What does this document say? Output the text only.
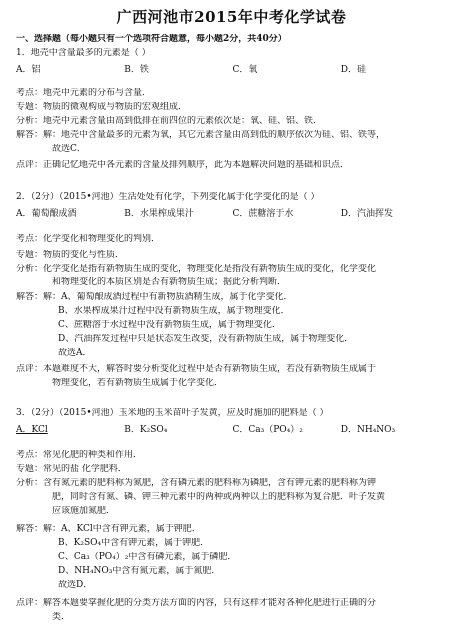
广西河池市2015年中考化学试卷
一、选择题（每小题只有一个选项符合题意，每小题2分，共40分）
1．地壳中含量最多的元素是（ ）
A．铝	B．铁	C．氧	D．硅
考点：地壳中元素的分布与含量．
专题：物质的微观构成与物质的宏观组成．
分析：地壳中元素含量由高到低排在前四位的元素依次是：氧、硅、铝、铁．
解答：解：地壳中含量最多的元素为氧，其它元素含量由高到低的顺序依次为硅、铝、铁等，
故选C．
点评：正确记忆地壳中各元素的含量及排列顺序，此为本题解决问题的基础和识点．
2．（2分）（2015•河池）生活处处有化学，下列变化属于化学变化的是（ ）
A．葡萄酿成酒	B．水果榨成果汁	C．蔗糖溶于水	D．汽油挥发
考点：化学变化和物理变化的判别．
专题：物质的变化与性质．
分析：化学变化是指有新物质生成的变化，物理变化是指没有新物质生成的变化，化学变化
和物理变化的本质区别是否有新物质生成；据此分析判断．
解答：解：A、葡萄酿成酒过程中有新物质酒精生成，属于化学变化．
B、水果榨成果汁过程中没有新物质生成，属于物理变化．
C、蔗糖溶于水过程中没有新物质生成，属于物理变化．
D、汽油挥发过程中只是状态发生改变，没有新物质生成，属于物理变化．
故选A．
点评：本题难度不大，解答时要分析变化过程中是否有新物质生成，若没有新物质生成属于
物理变化，若有新物质生成属于化学变化．
3．（2分）（2015•河池）玉米地的玉米苗叶子发黄，应及时施加的肥料是（ ）
A．KCl	B．K₂SO₄	C．Ca₃（PO₄）₂	D．NH₄NO₃
考点：常见化肥的种类和作用．
专题：常见的盐 化学肥料．
分析：含有氮元素的肥料称为氮肥，含有磷元素的肥料称为磷肥，含有钾元素的肥料称为钾
肥，同时含有氮、磷、钾三种元素中的两种或两种以上的肥料称为复合肥．叶子发黄
应该施加氮肥．
解答：解：A、KCl中含有钾元素，属于钾肥．
B、K₂SO₄中含有钾元素，属于钾肥．
C、Ca₃（PO₄）₂中含有磷元素，属于磷肥．
D、NH₄NO₃中含有氮元素，属于氮肥．
故选D．
点评：解答本题要掌握化肥的分类方法方面的内容，只有这样才能对各种化肥进行正确的分
类．
